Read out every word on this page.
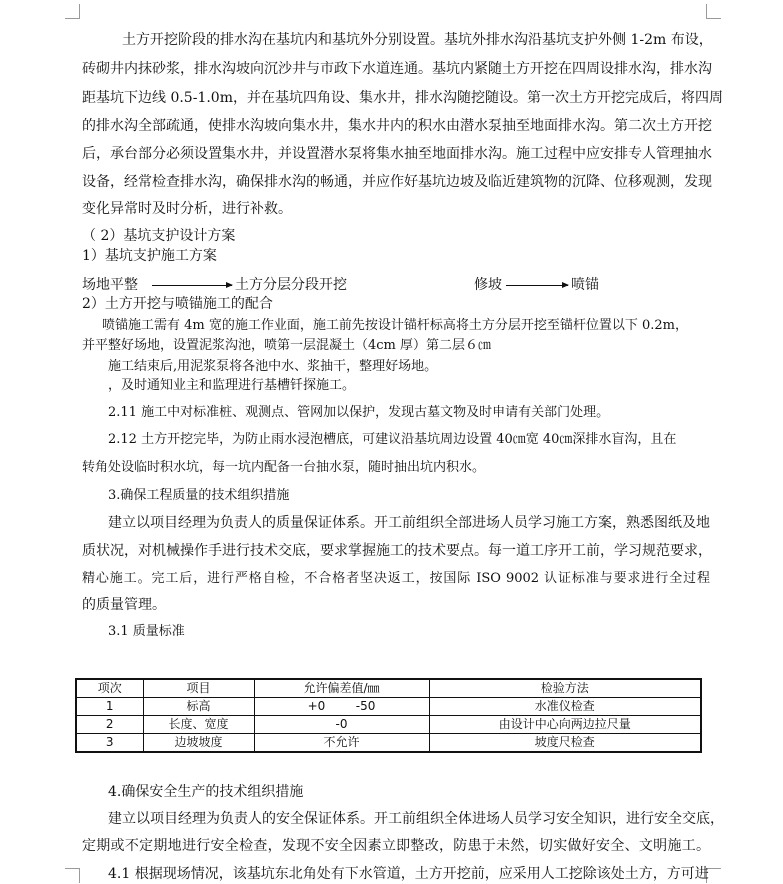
土方开挖阶段的排水沟在基坑内和基坑外分别设置。基坑外排水沟沿基坑支护外侧 1-2m 布设，
砖砌井内抹砂浆，排水沟坡向沉沙井与市政下水道连通。基坑内紧随土方开挖在四周设排水沟，排水沟
距基坑下边线 0.5-1.0m，并在基坑四角设、集水井，排水沟随挖随设。第一次土方开挖完成后，将四周
的排水沟全部疏通，使排水沟坡向集水井，集水井内的积水由潜水泵抽至地面排水沟。第二次土方开挖
后，承台部分必须设置集水井，并设置潜水泵将集水抽至地面排水沟。施工过程中应安排专人管理抽水
设备，经常检查排水沟，确保排水沟的畅通，并应作好基坑边坡及临近建筑物的沉降、位移观测，发现
变化异常时及时分析，进行补救。
（ 2）基坑支护设计方案
1）基坑支护施工方案
场地平整	土方分层分段开挖	修坡	喷锚
2）土方开挖与喷锚施工的配合
喷锚施工需有 4m 宽的施工作业面，施工前先按设计锚杆标高将土方分层开挖至锚杆位置以下 0.2m，
并平整好场地，设置泥浆沟池，喷第一层混凝土（4cm 厚）第二层６㎝
施工结束后,用泥浆泵将各池中水、浆抽干，整理好场地。
，及时通知业主和监理进行基槽钎探施工。
2.11 施工中对标准桩、观测点、管网加以保护，发现古墓文物及时申请有关部门处理。
2.12 土方开挖完毕，为防止雨水浸泡槽底，可建议沿基坑周边设置 40㎝宽 40㎝深排水盲沟，且在
转角处设临时积水坑，每一坑内配备一台抽水泵，随时抽出坑内积水。
3.确保工程质量的技术组织措施
建立以项目经理为负责人的质量保证体系。开工前组织全部进场人员学习施工方案，熟悉图纸及地
质状况，对机械操作手进行技术交底，要求掌握施工的技术要点。每一道工序开工前，学习规范要求，
精心施工。完工后，进行严格自检，不合格者坚决返工，按国际 ISO 9002 认证标准与要求进行全过程
的质量管理。
3.1 质量标准
项次	项目	允许偏差值/㎜	检验方法
1	标高	+0        -50	水准仪检查
2	长度、宽度	-0	由设计中心向两边拉尺量
3	边坡坡度	不允许	坡度尺检查
4.确保安全生产的技术组织措施
建立以项目经理为负责人的安全保证体系。开工前组织全体进场人员学习安全知识，进行安全交底，
定期或不定期地进行安全检查，发现不安全因素立即整改，防患于未然，切实做好安全、文明施工。
4.1 根据现场情况，该基坑东北角处有下水管道，土方开挖前，应采用人工挖除该处土方，方可进
